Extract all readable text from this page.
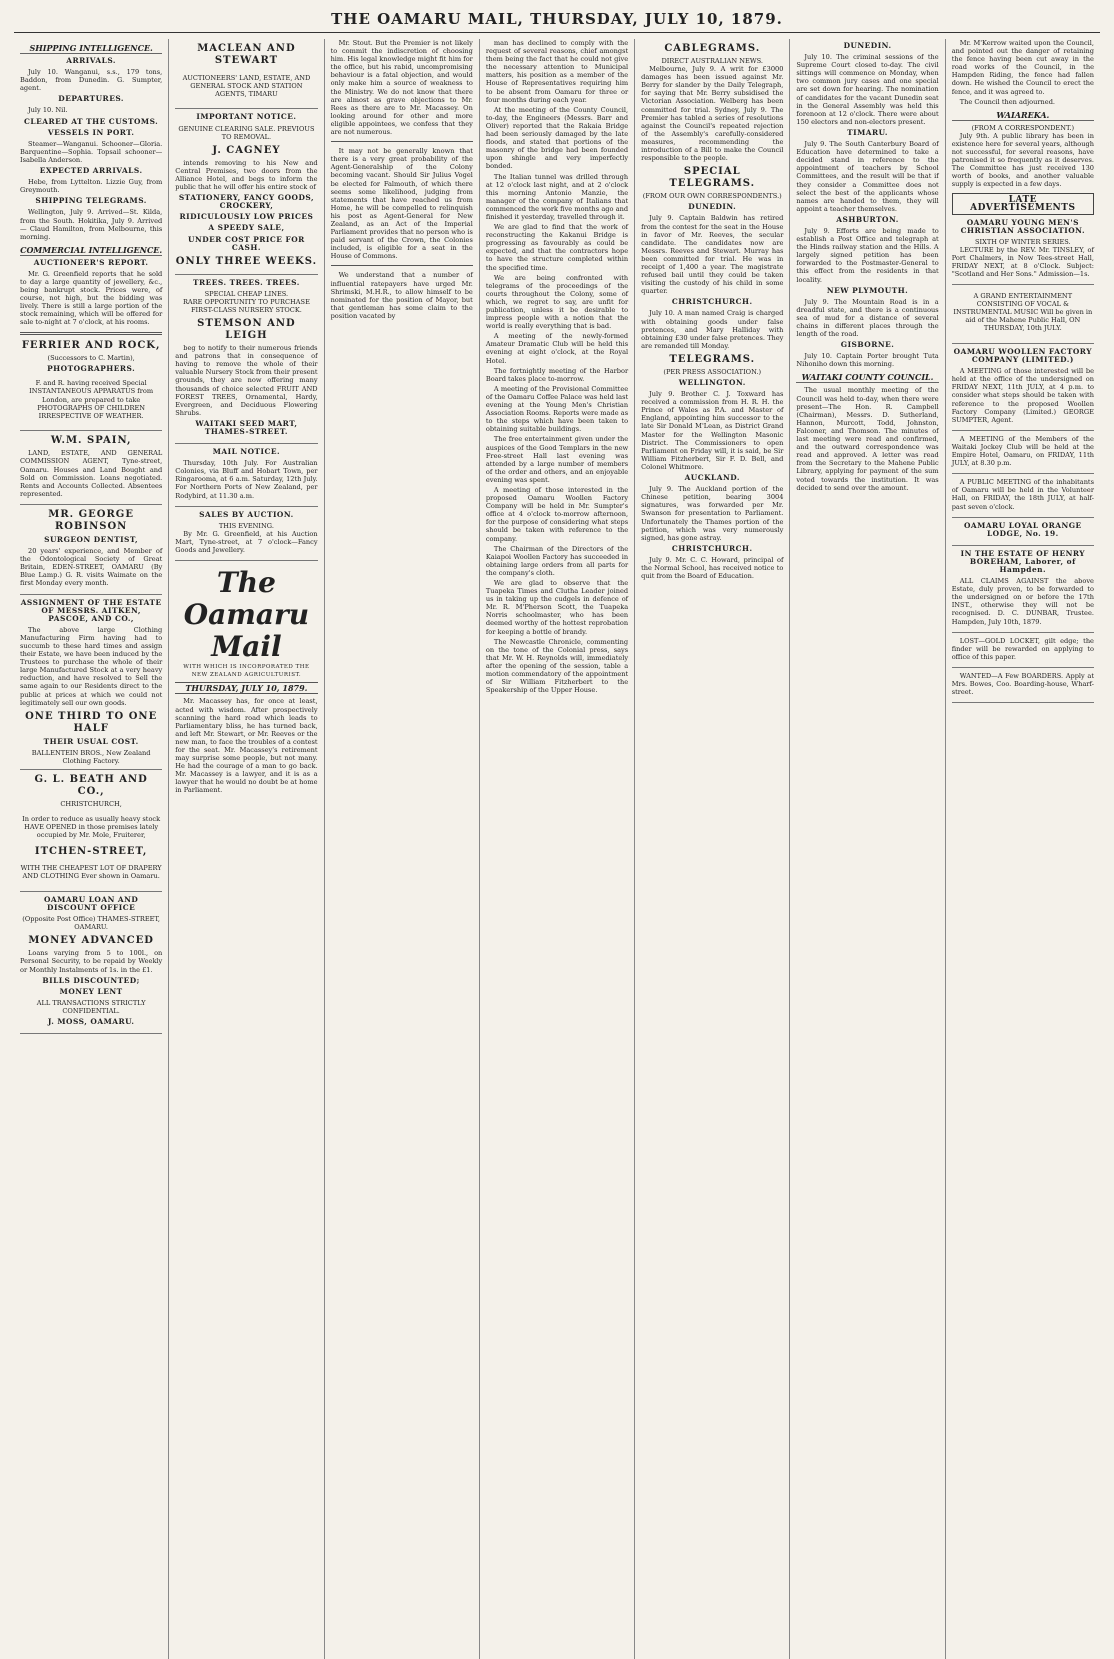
THE OAMARU MAIL, THURSDAY, JULY 10, 1879.
SHIPPING INTELLIGENCE.
ARRIVALS.

July 10. Wanganui, s.s., 179 tons, Baddon, from Dunedin. G. Sumpter, agent.

DEPARTURES.

July 10. Nil.

CLEARED AT THE CUSTOMS.
VESSELS IN PORT.

Steamer—Wanganui. Schooner—Gloria. Barquentine—Sophia. Topsail schooner—Isabella Anderson.

EXPECTED ARRIVALS.

Hebe, from Lyttelton. Lizzie Guy, from Greymouth.

SHIPPING TELEGRAMS.

Wellington, July 9. Arrived—St. Kilda, from the South. Hokitika, July 9. Arrived — Claud Hamilton, from Melbourne, this morning.

COMMERCIAL INTELLIGENCE.
AUCTIONEER'S REPORT.

Mr. G. Greenfield reports that he sold to day a large quantity of jewellery, &c., being bankrupt stock. Prices were, of course, not high, but the bidding was lively. There is still a large portion of the stock remaining, which will be offered for sale to-night at 7 o'clock, at his rooms.

FERRIER AND ROCK,
(Successors to C. Martin),
PHOTOGRAPHERS.

F. and R. having received Special INSTANTANEOUS APPARATUS from London, are prepared to take PHOTOGRAPHS OF CHILDREN IRRESPECTIVE OF WEATHER.

W.M. SPAIN,

LAND, ESTATE, AND GENERAL COMMISSION AGENT, Tyne-street, Oamaru. Houses and Land Bought and Sold on Commission. Loans negotiated. Rents and Accounts Collected. Absentees represented.

MR. GEORGE ROBINSON
SURGEON DENTIST,

20 years' experience, and Member of the Odontological Society of Great Britain, EDEN-STREET, OAMARU (By Blue Lamp.) G. R. visits Waimate on the first Monday every month.

ASSIGNMENT OF THE ESTATE OF MESSRS. AITKEN, PASCOE, AND CO.,

The above large Clothing Manufacturing Firm having had to succumb to these hard times and assign their Estate, we have been induced by the Trustees to purchase the whole of their large Manufactured Stock at a very heavy reduction, and have resolved to Sell the same again to our Residents direct to the public at prices at which we could not legitimately sell our own goods.

ONE THIRD TO ONE HALF
THEIR USUAL COST.
BALLENTEIN BROS., New Zealand Clothing Factory.
G. L. BEATH AND CO.,
CHRISTCHURCH,

In order to reduce as usually heavy stock HAVE OPENED in those premises lately occupied by Mr. Mole, Fruiterer,

ITCHEN-STREET,

WITH THE CHEAPEST LOT OF DRAPERY AND CLOTHING Ever shown in Oamaru.

OAMARU LOAN AND DISCOUNT OFFICE
(Opposite Post Office) THAMES-STREET, OAMARU.
MONEY ADVANCED

Loans varying from 5 to 100l., on Personal Security, to be repaid by Weekly or Monthly Instalments of 1s. in the £1.

BILLS DISCOUNTED;
MONEY LENT
ALL TRANSACTIONS STRICTLY CONFIDENTIAL.
J. MOSS, OAMARU.
MACLEAN AND STEWART

AUCTIONEERS' LAND, ESTATE, AND GENERAL STOCK AND STATION AGENTS, TIMARU

IMPORTANT NOTICE.
GENUINE CLEARING SALE. PREVIOUS TO REMOVAL.
J. CAGNEY

intends removing to his New and Central Premises, two doors from the Alliance Hotel, and begs to inform the public that he will offer his entire stock of

STATIONERY, FANCY GOODS, CROCKERY,
RIDICULOUSLY LOW PRICES
A SPEEDY SALE,
UNDER COST PRICE FOR CASH.
ONLY THREE WEEKS.
TREES. TREES. TREES.
SPECIAL CHEAP LINES.
RARE OPPORTUNITY TO PURCHASE FIRST-CLASS NURSERY STOCK.
STEMSON AND LEIGH

beg to notify to their numerous friends and patrons that in consequence of having to remove the whole of their valuable Nursery Stock from their present grounds, they are now offering many thousands of choice selected FRUIT AND FOREST TREES, Ornamental, Hardy, Evergreen, and Deciduous Flowering Shrubs.

WAITAKI SEED MART, THAMES-STREET.
MAIL NOTICE.

Thursday, 10th July. For Australian Colonies, via Bluff and Hobart Town, per Ringarooma, at 6 a.m. Saturday, 12th July. For Northern Ports of New Zealand, per Rodybird, at 11.30 a.m.

SALES BY AUCTION.
THIS EVENING.

By Mr. G. Greenfield, at his Auction Mart, Tyne-street, at 7 o'clock—Fancy Goods and Jewellery.

The Oamaru Mail
WITH WHICH IS INCORPORATED THE NEW ZEALAND AGRICULTURIST.
THURSDAY, JULY 10, 1879.

Mr. Macassey has, for once at least, acted with wisdom. After prospectively scanning the hard road which leads to Parliamentary bliss, he has turned back, and left Mr. Stewart, or Mr. Reeves or the new man, to face the troubles of a contest for the seat. Mr. Macassey's retirement may surprise some people, but not many. He had the courage of a man to go back. Mr. Macassey is a lawyer, and it is as a lawyer that he would no doubt be at home in Parliament.

Mr. Stout. But the Premier is not likely to commit the indiscretion of choosing him. His legal knowledge might fit him for the office, but his rabid, uncompromising behaviour is a fatal objection, and would only make him a source of weakness to the Ministry. We do not know that there are almost as grave objections to Mr. Rees as there are to Mr. Macassey. On looking around for other and more eligible appointees, we confess that they are not numerous.

It may not be generally known that there is a very great probability of the Agent-Generalship of the Colony becoming vacant. Should Sir Julius Vogel be elected for Falmouth, of which there seems some likelihood, judging from statements that have reached us from Home, he will be compelled to relinquish his post as Agent-General for New Zealand, as an Act of the Imperial Parliament provides that no person who is paid servant of the Crown, the Colonies included, is eligible for a seat in the House of Commons.

We understand that a number of influential ratepayers have urged Mr. Shrimski, M.H.R., to allow himself to be nominated for the position of Mayor, but that gentleman has some claim to the position vacated by

man has declined to comply with the request of several reasons, chief amongst them being the fact that he could not give the necessary attention to Municipal matters, his position as a member of the House of Representatives requiring him to be absent from Oamaru for three or four months during each year.

At the meeting of the County Council, to-day, the Engineers (Messrs. Barr and Oliver) reported that the Rakaia Bridge had been seriously damaged by the late floods, and stated that portions of the masonry of the bridge had been founded upon shingle and very imperfectly bonded.

The Italian tunnel was drilled through at 12 o'clock last night, and at 2 o'clock this morning Antonio Manzie, the manager of the company of Italians that commenced the work five months ago and finished it yesterday, travelled through it.

We are glad to find that the work of reconstructing the Kakanui Bridge is progressing as favourably as could be expected, and that the contractors hope to have the structure completed within the specified time.

We are being confronted with telegrams of the proceedings of the courts throughout the Colony, some of which, we regret to say, are unfit for publication, unless it be desirable to impress people with a notion that the world is really everything that is bad.

A meeting of the newly-formed Amateur Dramatic Club will be held this evening at eight o'clock, at the Royal Hotel.

The fortnightly meeting of the Harbor Board takes place to-morrow.

A meeting of the Provisional Committee of the Oamaru Coffee Palace was held last evening at the Young Men's Christian Association Rooms. Reports were made as to the steps which have been taken to obtaining suitable buildings.

The free entertainment given under the auspices of the Good Templars in the new Free-street Hall last evening was attended by a large number of members of the order and others, and an enjoyable evening was spent.

A meeting of those interested in the proposed Oamaru Woollen Factory Company will be held in Mr. Sumpter's office at 4 o'clock to-morrow afternoon, for the purpose of considering what steps should be taken with reference to the company.

The Chairman of the Directors of the Kaiapoi Woollen Factory has succeeded in obtaining large orders from all parts for the company's cloth.

We are glad to observe that the Tuapeka Times and Clutha Leader joined us in taking up the cudgels in defence of Mr. R. M'Pherson Scott, the Tuapeka Norris schoolmaster, who has been deemed worthy of the hottest reprobation for keeping a bottle of brandy.

The Newcastle Chronicle, commenting on the tone of the Colonial press, says that Mr. W. H. Reynolds will, immediately after the opening of the session, table a motion commendatory of the appointment of Sir William Fitzherbert to the Speakership of the Upper House.

CABLEGRAMS.
DIRECT AUSTRALIAN NEWS.

Melbourne, July 9. A writ for £3000 damages has been issued against Mr. Berry for slander by the Daily Telegraph, for saying that Mr. Berry subsidised the Victorian Association. Welberg has been committed for trial. Sydney, July 9. The Premier has tabled a series of resolutions against the Council's repeated rejection of the Assembly's carefully-considered measures, recommending the introduction of a Bill to make the Council responsible to the people.

SPECIAL TELEGRAMS.
(FROM OUR OWN CORRESPONDENTS.)
DUNEDIN.

July 9. Captain Baldwin has retired from the contest for the seat in the House in favor of Mr. Reeves, the secular candidate. The candidates now are Messrs. Reeves and Stewart. Murray has been committed for trial. He was in receipt of 1,400 a year. The magistrate refused bail until they could be taken visiting the custody of his child in some quarter.

CHRISTCHURCH.

July 10. A man named Craig is charged with obtaining goods under false pretences, and Mary Halliday with obtaining £30 under false pretences. They are remanded till Monday.

TELEGRAMS.
(PER PRESS ASSOCIATION.)
WELLINGTON.

July 9. Brother C. J. Toxward has received a commission from H. R. H. the Prince of Wales as P.A. and Master of England, appointing him successor to the late Sir Donald M'Lean, as District Grand Master for the Wellington Masonic District. The Commissioners to open Parliament on Friday will, it is said, be Sir William Fitzherbert, Sir F. D. Bell, and Colonel Whitmore.

AUCKLAND.

July 9. The Auckland portion of the Chinese petition, bearing 3004 signatures, was forwarded per Mr. Swanson for presentation to Parliament. Unfortunately the Thames portion of the petition, which was very numerously signed, has gone astray.

CHRISTCHURCH.

July 9. Mr. C. C. Howard, principal of the Normal School, has received notice to quit from the Board of Education.

DUNEDIN.

July 10. The criminal sessions of the Supreme Court closed to-day. The civil sittings will commence on Monday, when two common jury cases and one special are set down for hearing. The nomination of candidates for the vacant Dunedin seat in the General Assembly was held this forenoon at 12 o'clock. There were about 150 electors and non-electors present.

TIMARU.

July 9. The South Canterbury Board of Education have determined to take a decided stand in reference to the appointment of teachers by School Committees, and the result will be that if they consider a Committee does not select the best of the applicants whose names are handed to them, they will appoint a teacher themselves.

ASHBURTON.

July 9. Efforts are being made to establish a Post Office and telegraph at the Hinds railway station and the Hills. A largely signed petition has been forwarded to the Postmaster-General to this effect from the residents in that locality.

NEW PLYMOUTH.

July 9. The Mountain Road is in a dreadful state, and there is a continuous sea of mud for a distance of several chains in different places through the length of the road.

GISBORNE.

July 10. Captain Porter brought Tuta Nihoniho down this morning.

WAITAKI COUNTY COUNCIL.

The usual monthly meeting of the Council was held to-day, when there were present—The Hon. R. Campbell (Chairman), Messrs. D. Sutherland, Hannon, Murcott, Todd, Johnston, Falconer, and Thomson. The minutes of last meeting were read and confirmed, and the outward correspondence was read and approved. A letter was read from the Secretary to the Mahene Public Library, applying for payment of the sum voted towards the institution. It was decided to send over the amount.

Mr. M'Kerrow waited upon the Council, and pointed out the danger of retaining the fence having been cut away in the road works of the Council, in the Hampden Riding, the fence had fallen down. He wished the Council to erect the fence, and it was agreed to.

The Council then adjourned.

WAIAREKA.
(FROM A CORRESPONDENT.)

July 9th. A public library has been in existence here for several years, although not successful, for several reasons, have patronised it so frequently as it deserves. The Committee has just received 130 worth of books, and another valuable supply is expected in a few days.

LATE ADVERTISEMENTS
OAMARU YOUNG MEN'S CHRISTIAN ASSOCIATION.
SIXTH OF WINTER SERIES.

LECTURE by the REV. Mr. TINSLEY, of Port Chalmers, in Now Tees-street Hall, FRIDAY NEXT, at 8 o'Clock. Subject: "Scotland and Her Sons." Admission—1s.

A GRAND ENTERTAINMENT CONSISTING OF VOCAL & INSTRUMENTAL MUSIC Will be given in aid of the Mahene Public Hall, ON THURSDAY, 10th JULY.

OAMARU WOOLLEN FACTORY COMPANY (LIMITED.)

A MEETING of those interested will be held at the office of the undersigned on FRIDAY NEXT, 11th JULY, at 4 p.m. to consider what steps should be taken with reference to the proposed Woollen Factory Company (Limited.) GEORGE SUMPTER, Agent.

A MEETING of the Members of the Waitaki Jockey Club will be held at the Empire Hotel, Oamaru, on FRIDAY, 11th JULY, at 8.30 p.m.

A PUBLIC MEETING of the inhabitants of Oamaru will be held in the Volunteer Hall, on FRIDAY, the 18th JULY, at half-past seven o'clock.

OAMARU LOYAL ORANGE LODGE, No. 19.
IN THE ESTATE OF HENRY BOREHAM, Laborer, of Hampden.

ALL CLAIMS AGAINST the above Estate, duly proven, to be forwarded to the undersigned on or before the 17th INST., otherwise they will not be recognised. D. C. DUNBAR, Trustee. Hampden, July 10th, 1879.

LOST—GOLD LOCKET, gilt edge; the finder will be rewarded on applying to office of this paper.

WANTED—A Few BOARDERS. Apply at Mrs. Bowes, Coo. Boarding-house, Wharf-street.
